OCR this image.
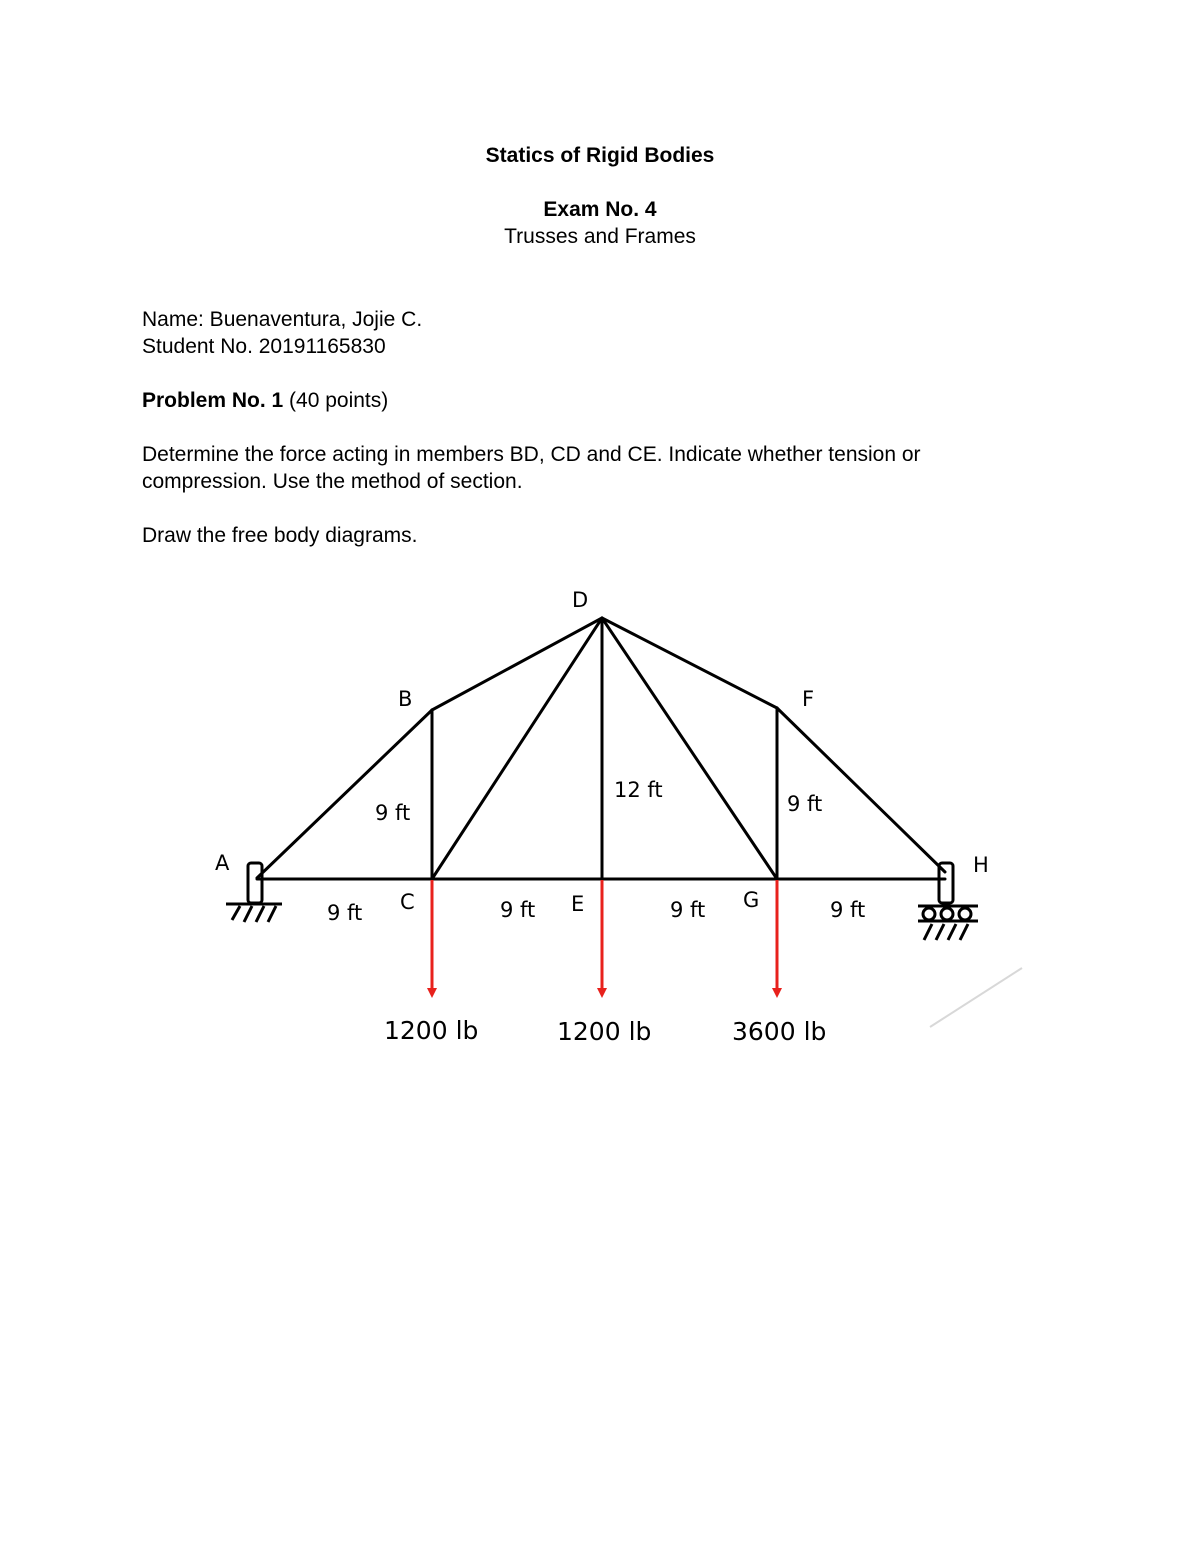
Statics of Rigid Bodies
Exam No. 4
Trusses and Frames
Name: Buenaventura, Jojie C.
Student No. 20191165830
Problem No. 1 (40 points)
Determine the force acting in members BD, CD and CE. Indicate whether tension or
compression. Use the method of section.
Draw the free body diagrams.
A
B
C
D
E
F
G
H
9 ft
12 ft
9 ft
9 ft	9 ft	9 ft	9 ft
1200 lb	1200 lb	3600 lb
